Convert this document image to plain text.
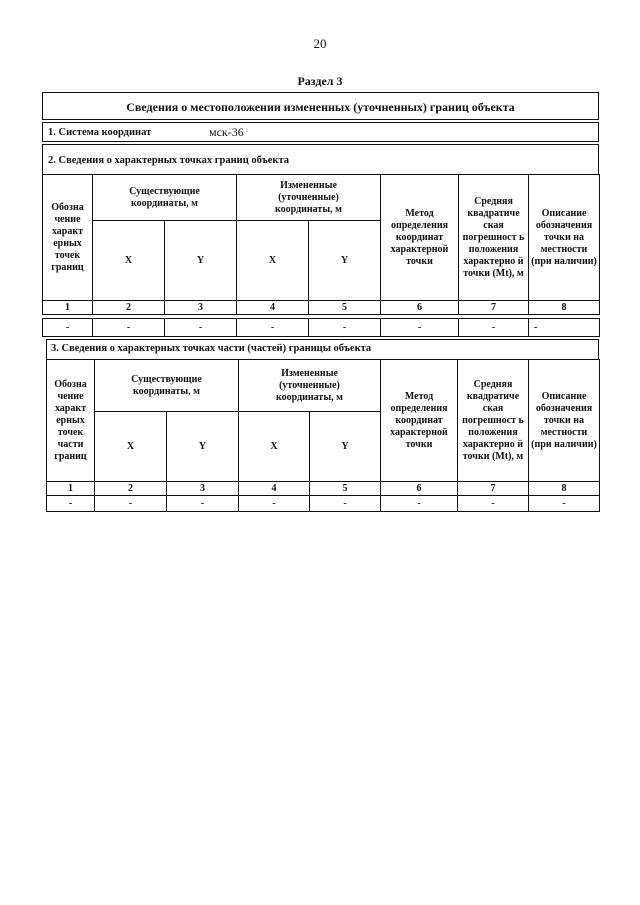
20
Раздел 3
Сведения о местоположении измененных (уточненных) границ объекта
1. Система координат	мск-36
2. Сведения о характерных точках границ объекта
Обозна чение характ ерных точек границ	Существующие координаты, м		Измененные (уточненные) координаты, м		Метод определения координат характерной точки	Средняя квадратиче ская погрешност ь положения характерно й точки (Mt), м	Описание обозначения точки на местности (при наличии)
	X	Y	X	Y			
1	2	3	4	5	6	7	8
-	-	-	-	-	-	-	-
3. Сведения о характерных точках части (частей) границы объекта
Обозна чение характ ерных точек части границ	Существующие координаты, м		Измененные (уточненные) координаты, м		Метод определения координат характерной точки	Средняя квадратиче ская погрешност ь положения характерно й точки (Mt), м	Описание обозначения точки на местности (при наличии)
	X	Y	X	Y			
1	2	3	4	5	6	7	8
-	-	-	-	-	-	-	-
